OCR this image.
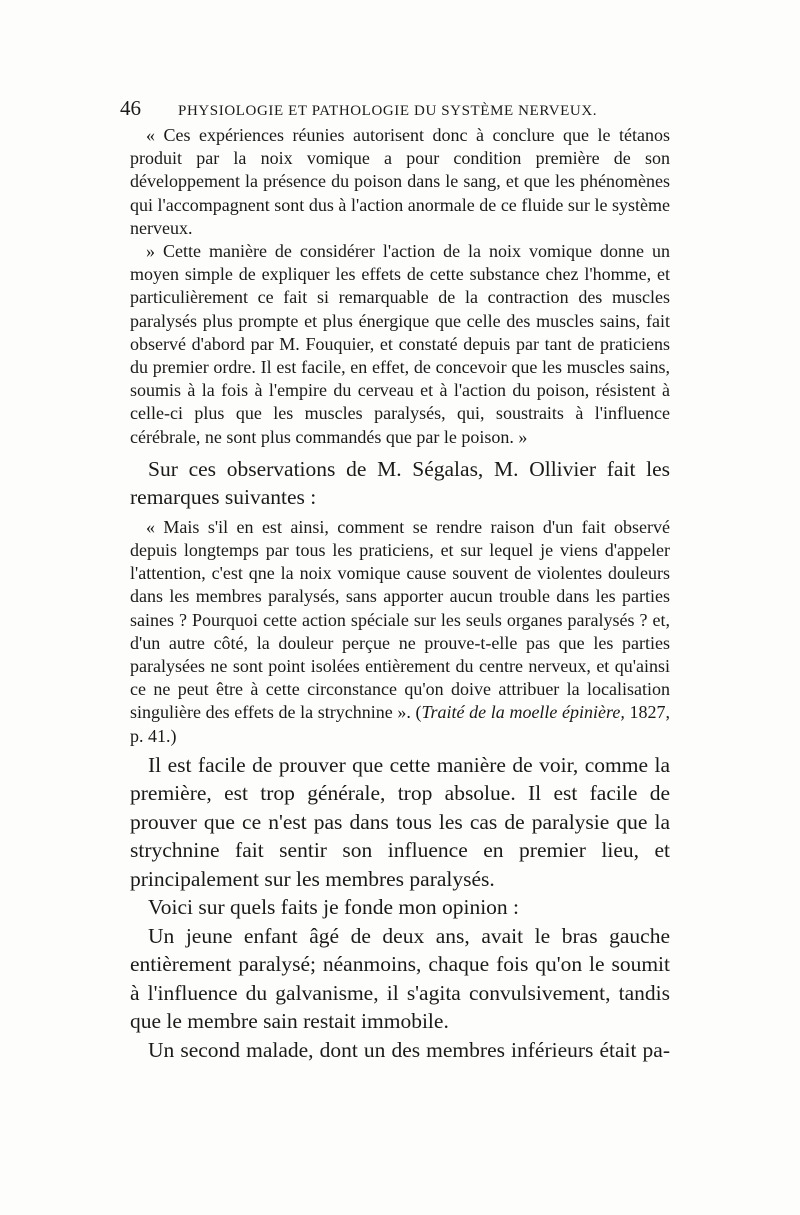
46	PHYSIOLOGIE ET PATHOLOGIE DU SYSTÈME NERVEUX.

« Ces expériences réunies autorisent donc à conclure que le tétanos produit par la noix vomique a pour condition première de son développement la présence du poison dans le sang, et que les phénomènes qui l'accompagnent sont dus à l'action anormale de ce fluide sur le système nerveux.

» Cette manière de considérer l'action de la noix vomique donne un moyen simple de expliquer les effets de cette substance chez l'homme, et particulièrement ce fait si remarquable de la contraction des muscles paralysés plus prompte et plus énergique que celle des muscles sains, fait observé d'abord par M. Fouquier, et constaté depuis par tant de praticiens du premier ordre. Il est facile, en effet, de concevoir que les muscles sains, soumis à la fois à l'empire du cerveau et à l'action du poison, résistent à celle-ci plus que les muscles paralysés, qui, soustraits à l'influence cérébrale, ne sont plus commandés que par le poison. »

Sur ces observations de M. Ségalas, M. Ollivier fait les remarques suivantes :

« Mais s'il en est ainsi, comment se rendre raison d'un fait observé depuis longtemps par tous les praticiens, et sur lequel je viens d'appeler l'attention, c'est qne la noix vomique cause souvent de violentes douleurs dans les membres paralysés, sans apporter aucun trouble dans les parties saines ? Pourquoi cette action spéciale sur les seuls organes paralysés ? et, d'un autre côté, la douleur perçue ne prouve-t-elle pas que les parties paralysées ne sont point isolées entièrement du centre nerveux, et qu'ainsi ce ne peut être à cette circonstance qu'on doive attribuer la localisation singulière des effets de la strychnine ». (Traité de la moelle épinière, 1827, p. 41.)

Il est facile de prouver que cette manière de voir, comme la première, est trop générale, trop absolue. Il est facile de prouver que ce n'est pas dans tous les cas de paralysie que la strychnine fait sentir son influence en premier lieu, et principalement sur les membres paralysés.

Voici sur quels faits je fonde mon opinion :

Un jeune enfant âgé de deux ans, avait le bras gauche entièrement paralysé; néanmoins, chaque fois qu'on le soumit à l'influence du galvanisme, il s'agita convulsivement, tandis que le membre sain restait immobile.

Un second malade, dont un des membres inférieurs était pa-
